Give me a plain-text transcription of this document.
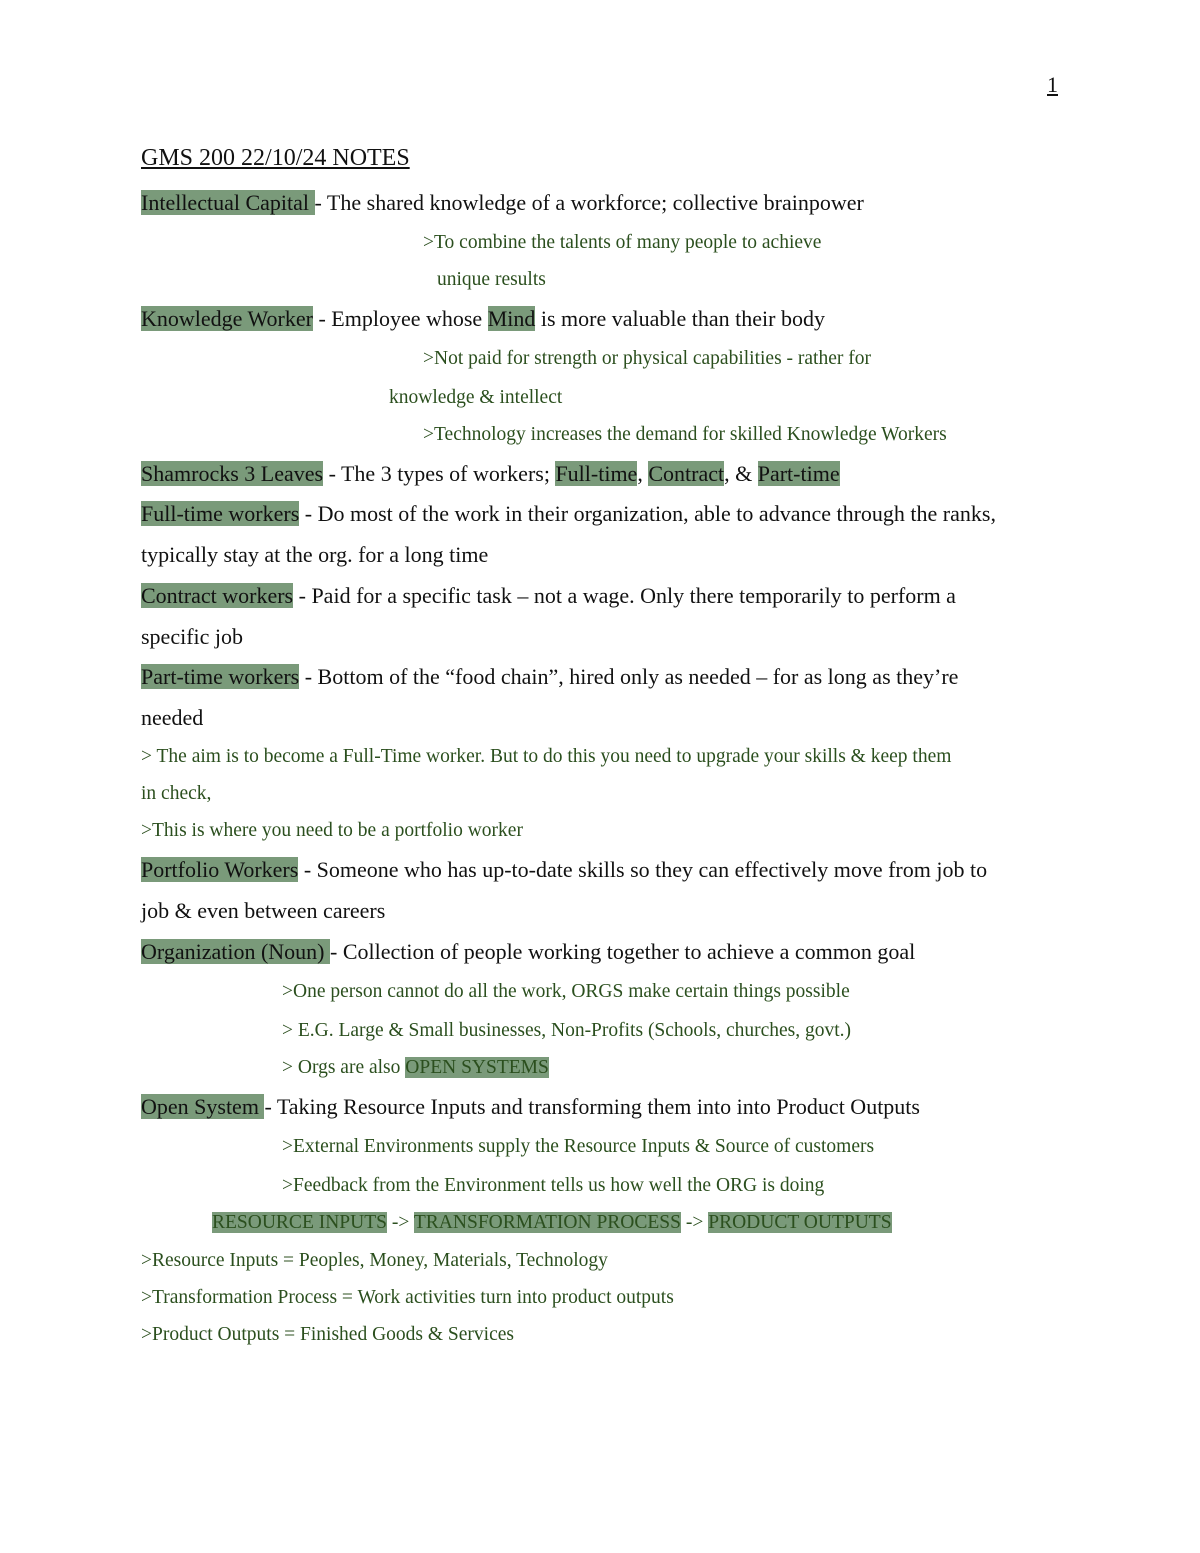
1
GMS 200 22/10/24 NOTES
Intellectual Capital - The shared knowledge of a workforce; collective brainpower
>To combine the talents of many people to achieve
unique results
Knowledge Worker - Employee whose Mind is more valuable than their body
>Not paid for strength or physical capabilities - rather for
knowledge & intellect
>Technology increases the demand for skilled Knowledge Workers
Shamrocks 3 Leaves - The 3 types of workers; Full-time, Contract, & Part-time
Full-time workers - Do most of the work in their organization, able to advance through the ranks,
typically stay at the org. for a long time
Contract workers - Paid for a specific task – not a wage. Only there temporarily to perform a
specific job
Part-time workers - Bottom of the “food chain”, hired only as needed – for as long as they’re
needed
> The aim is to become a Full-Time worker. But to do this you need to upgrade your skills & keep them
in check,
>This is where you need to be a portfolio worker
Portfolio Workers - Someone who has up-to-date skills so they can effectively move from job to
job & even between careers
Organization (Noun) - Collection of people working together to achieve a common goal
>One person cannot do all the work, ORGS make certain things possible
> E.G. Large & Small businesses, Non-Profits (Schools, churches, govt.)
> Orgs are also OPEN SYSTEMS
Open System - Taking Resource Inputs and transforming them into into Product Outputs
>External Environments supply the Resource Inputs & Source of customers
>Feedback from the Environment tells us how well the ORG is doing
RESOURCE INPUTS -> TRANSFORMATION PROCESS -> PRODUCT OUTPUTS
>Resource Inputs = Peoples, Money, Materials, Technology
>Transformation Process = Work activities turn into product outputs
>Product Outputs = Finished Goods & Services
